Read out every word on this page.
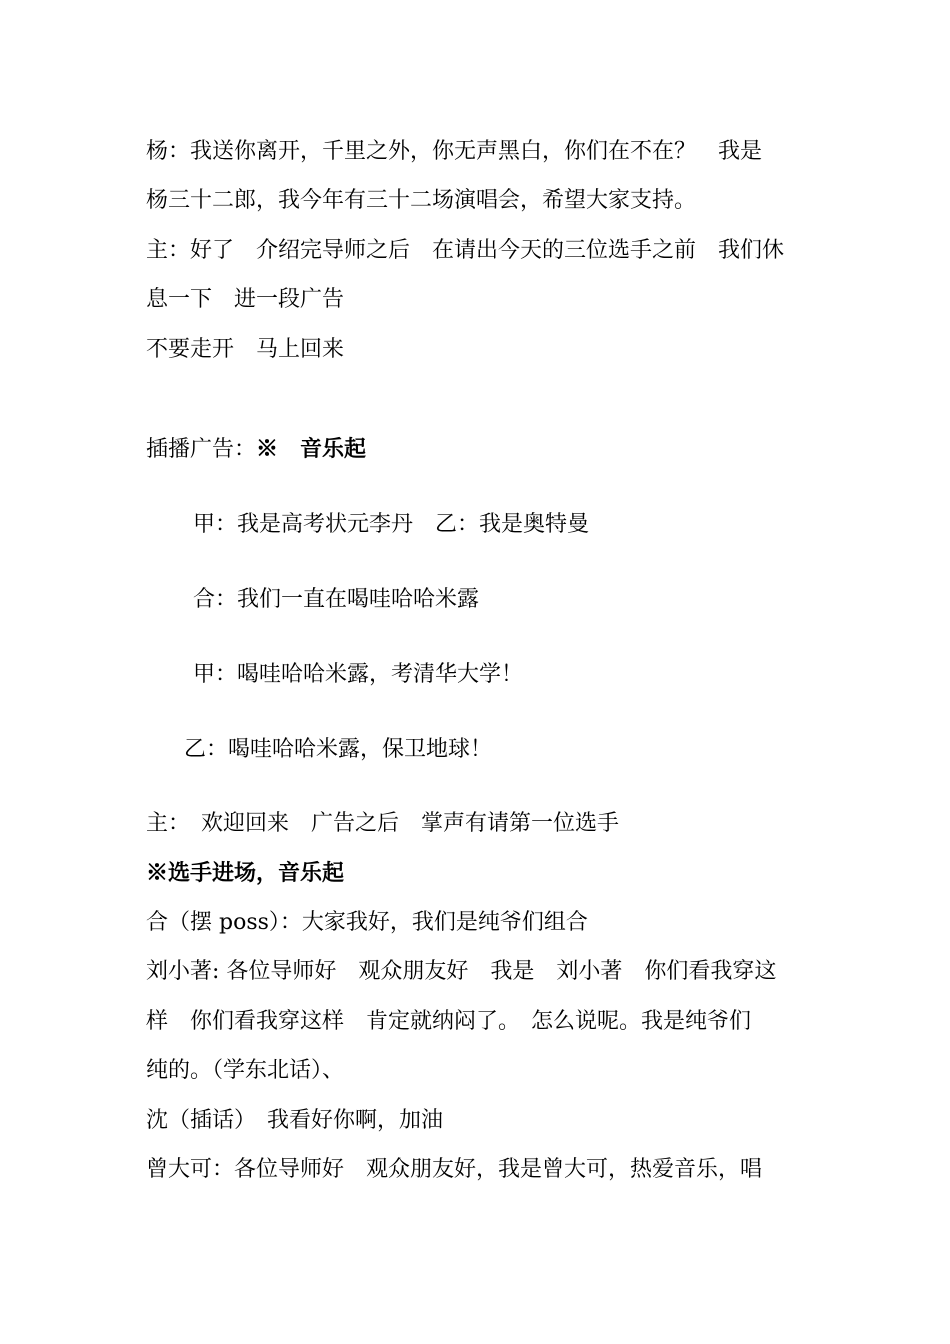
杨：我送你离开，千里之外，你无声黑白，你们在不在？　我是
杨三十二郎，我今年有三十二场演唱会，希望大家支持。
主：好了　介绍完导师之后　在请出今天的三位选手之前　我们休
息一下　进一段广告
不要走开　马上回来
插播广告：※　音乐起
甲：我是高考状元李丹　乙：我是奥特曼
合：我们一直在喝哇哈哈米露
甲：喝哇哈哈米露，考清华大学！
乙：喝哇哈哈米露，保卫地球！
主：　欢迎回来　广告之后　掌声有请第一位选手
※选手进场，音乐起
合（摆 poss）：大家我好，我们是纯爷们组合
刘小著: 各位导师好　观众朋友好　我是　刘小著　你们看我穿这
样　你们看我穿这样　肯定就纳闷了。　怎么说呢。我是纯爷们
纯的。（学东北话）、
沈（插话）　我看好你啊，加油
曾大可：各位导师好　观众朋友好，我是曾大可，热爱音乐，唱
